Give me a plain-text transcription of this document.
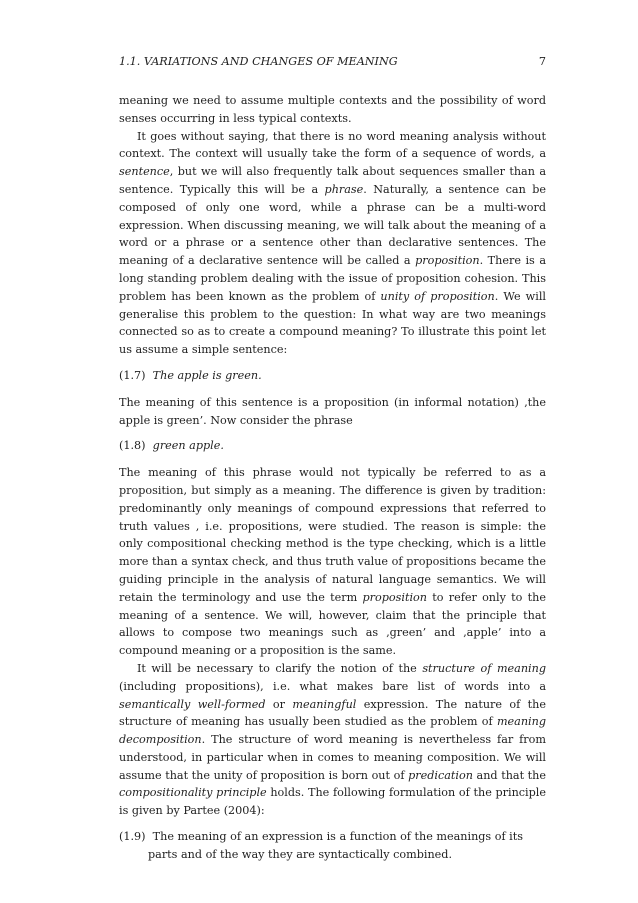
1.1. VARIATIONS AND CHANGES OF MEANING	7

meaning we need to assume multiple contexts and the possibility of word senses occurring in less typical contexts.

It goes without saying, that there is no word meaning analysis without context. The context will usually take the form of a sequence of words, a sentence, but we will also frequently talk about sequences smaller than a sentence. Typically this will be a phrase. Naturally, a sentence can be composed of only one word, while a phrase can be a multi-word expression. When discussing meaning, we will talk about the meaning of a word or a phrase or a sentence other than declarative sentences. The meaning of a declarative sentence will be called a proposition. There is a long standing problem dealing with the issue of proposition cohesion. This problem has been known as the problem of unity of proposition. We will generalise this problem to the question: In what way are two meanings connected so as to create a compound meaning? To illustrate this point let us assume a simple sentence:

(1.7) The apple is green.

The meaning of this sentence is a proposition (in informal notation) ‚the apple is green’. Now consider the phrase

(1.8) green apple.

The meaning of this phrase would not typically be referred to as a proposition, but simply as a meaning. The difference is given by tradition: predominantly only meanings of compound expressions that referred to truth values , i.e. propositions, were studied. The reason is simple: the only compositional checking method is the type checking, which is a little more than a syntax check, and thus truth value of propositions became the guiding principle in the analysis of natural language semantics. We will retain the terminology and use the term proposition to refer only to the meaning of a sentence. We will, however, claim that the principle that allows to compose two meanings such as ‚green’ and ‚apple’ into a compound meaning or a proposition is the same.

It will be necessary to clarify the notion of the structure of meaning (including propositions), i.e. what makes bare list of words into a semantically well-formed or meaningful expression. The nature of the structure of meaning has usually been studied as the problem of meaning decomposition. The structure of word meaning is nevertheless far from understood, in particular when in comes to meaning composition. We will assume that the unity of proposition is born out of predication and that the compositionality principle holds. The following formulation of the principle is given by Partee (2004):

(1.9) The meaning of an expression is a function of the meanings of its parts and of the way they are syntactically combined.
